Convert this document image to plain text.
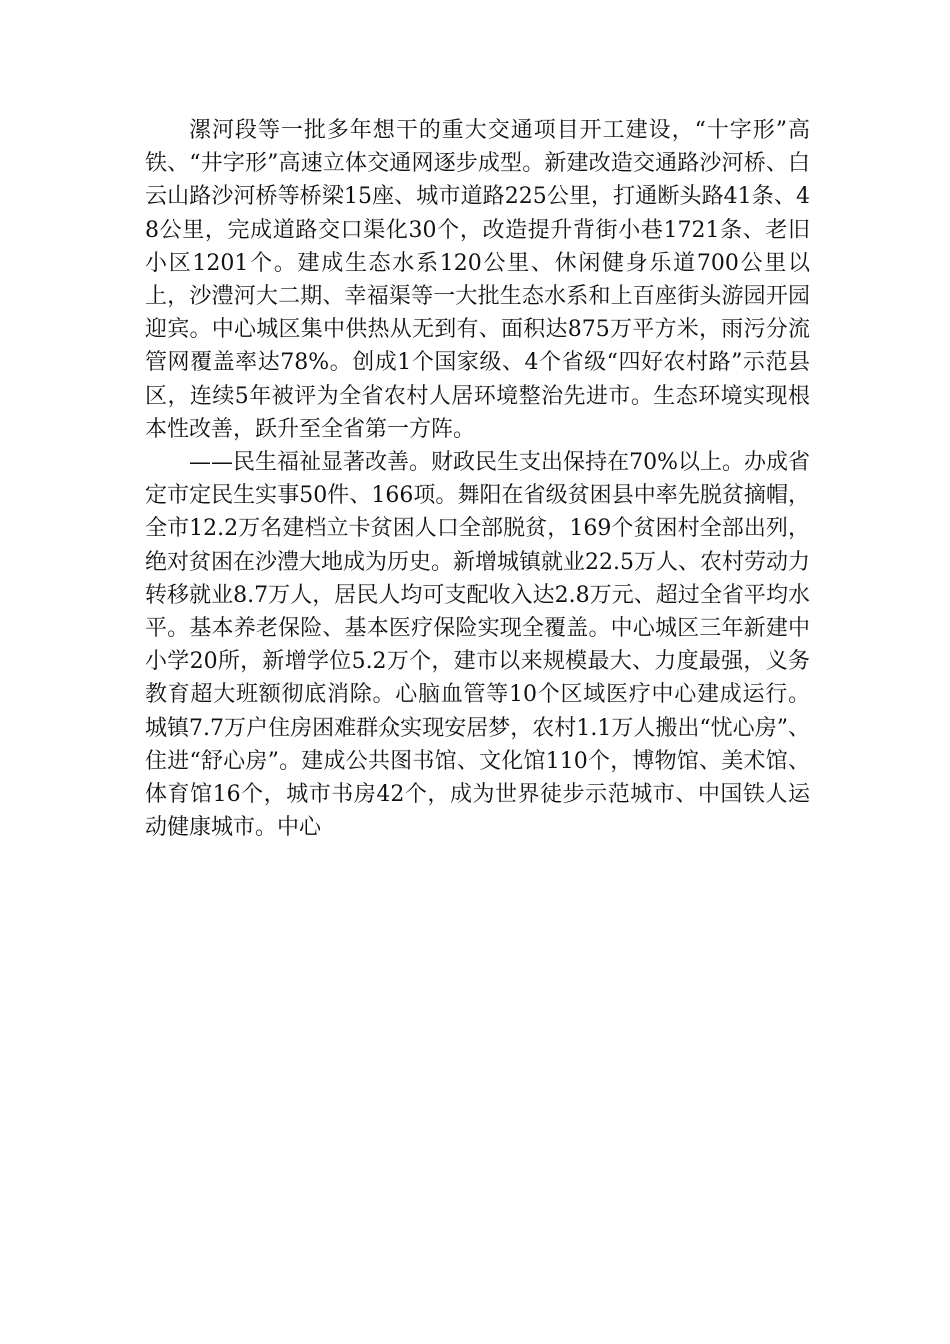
漯河段等一批多年想干的重大交通项目开工建设，“十字形”高铁、“井字形”高速立体交通网逐步成型。新建改造交通路沙河桥、白云山路沙河桥等桥梁15座、城市道路225公里，打通断头路41条、48公里，完成道路交口渠化30个，改造提升背街小巷1721条、老旧小区1201个。建成生态水系120公里、休闲健身乐道700公里以上，沙澧河大二期、幸福渠等一大批生态水系和上百座街头游园开园迎宾。中心城区集中供热从无到有、面积达875万平方米，雨污分流管网覆盖率达78%。创成1个国家级、4个省级“四好农村路”示范县区，连续5年被评为全省农村人居环境整治先进市。生态环境实现根本性改善，跃升至全省第一方阵。

——民生福祉显著改善。财政民生支出保持在70%以上。办成省定市定民生实事50件、166项。舞阳在省级贫困县中率先脱贫摘帽，全市12.2万名建档立卡贫困人口全部脱贫，169个贫困村全部出列，绝对贫困在沙澧大地成为历史。新增城镇就业22.5万人、农村劳动力转移就业8.7万人，居民人均可支配收入达2.8万元、超过全省平均水平。基本养老保险、基本医疗保险实现全覆盖。中心城区三年新建中小学20所，新增学位5.2万个，建市以来规模最大、力度最强，义务教育超大班额彻底消除。心脑血管等10个区域医疗中心建成运行。城镇7.7万户住房困难群众实现安居梦，农村1.1万人搬出“忧心房”、住进“舒心房”。建成公共图书馆、文化馆110个，博物馆、美术馆、体育馆16个，城市书房42个，成为世界徒步示范城市、中国铁人运动健康城市。中心
